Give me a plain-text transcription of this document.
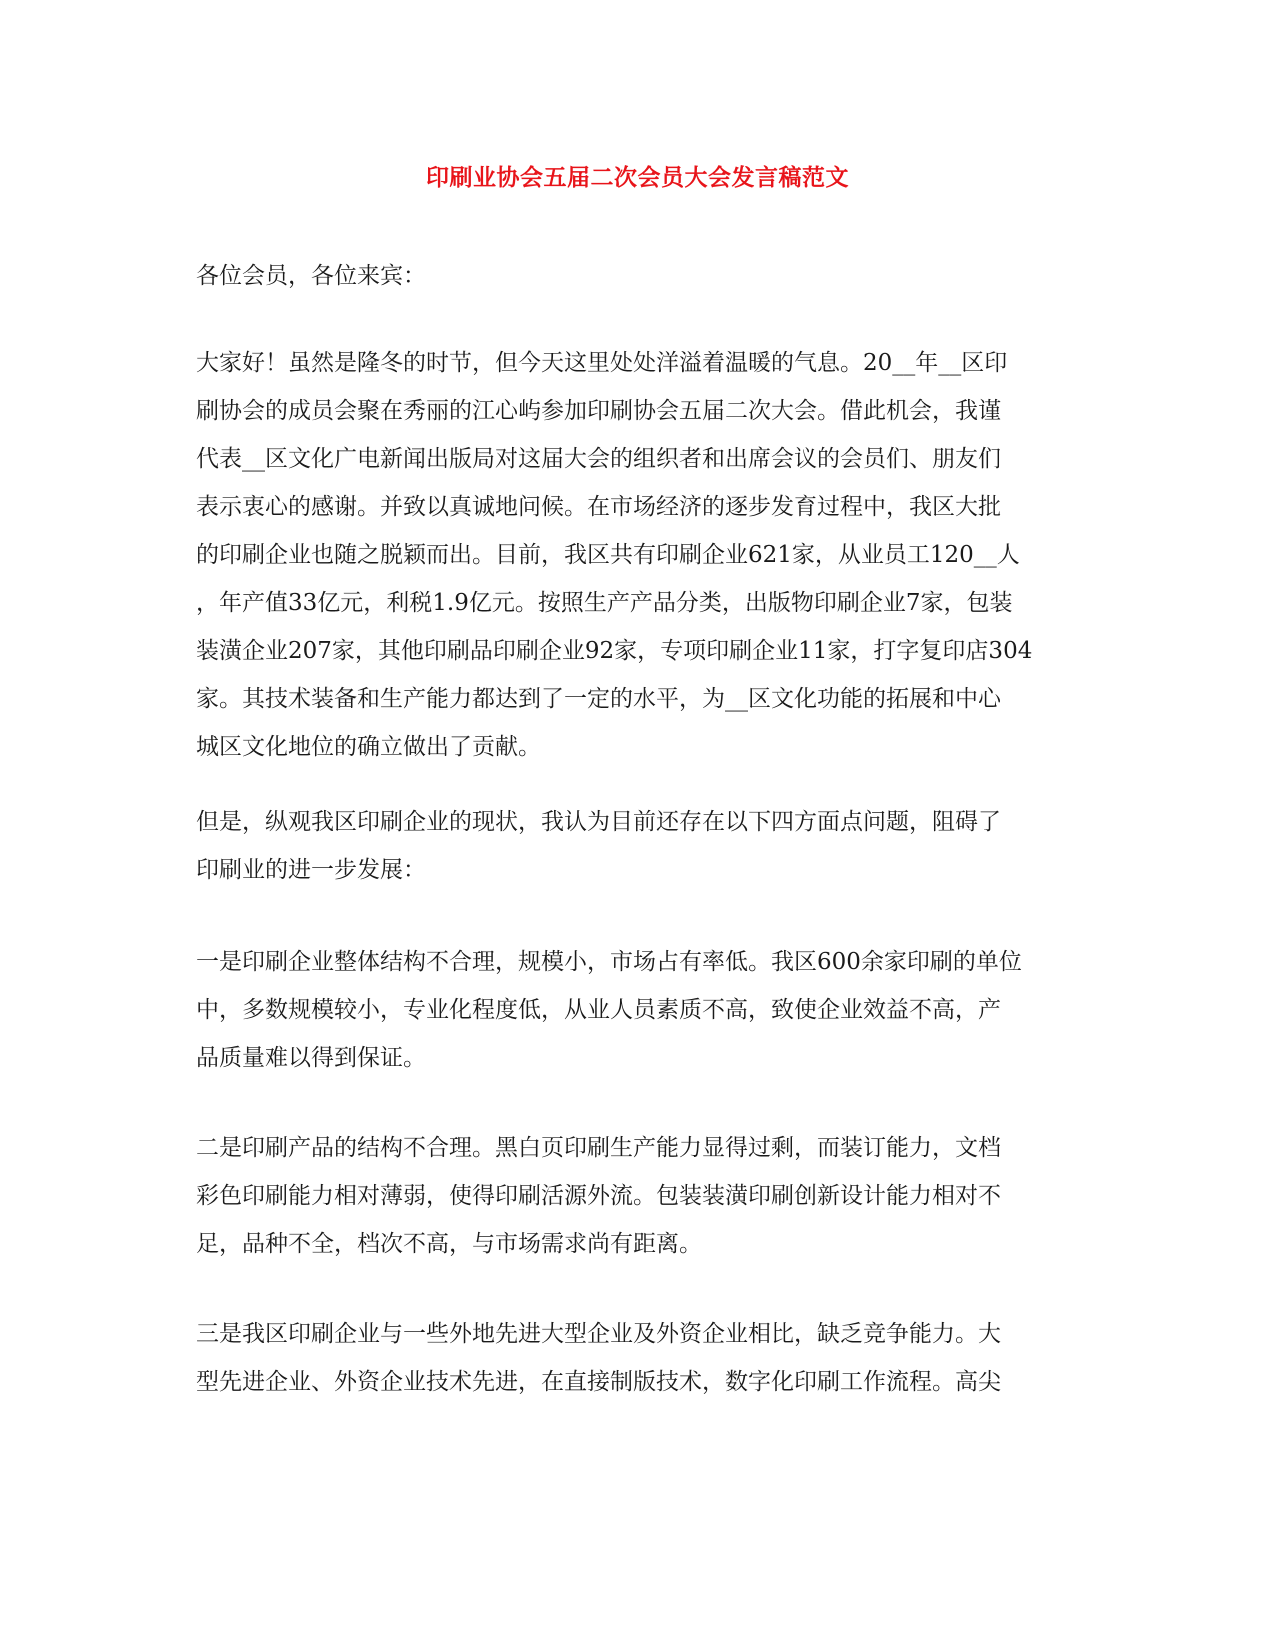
印刷业协会五届二次会员大会发言稿范文
各位会员，各位来宾：
大家好！虽然是隆冬的时节，但今天这里处处洋溢着温暖的气息。20__年__区印
刷协会的成员会聚在秀丽的江心屿参加印刷协会五届二次大会。借此机会，我谨
代表__区文化广电新闻出版局对这届大会的组织者和出席会议的会员们、朋友们
表示衷心的感谢。并致以真诚地问候。在市场经济的逐步发育过程中，我区大批
的印刷企业也随之脱颖而出。目前，我区共有印刷企业621家，从业员工120__人
，年产值33亿元，利税1.9亿元。按照生产产品分类，出版物印刷企业7家，包装
装潢企业207家，其他印刷品印刷企业92家，专项印刷企业11家，打字复印店304
家。其技术装备和生产能力都达到了一定的水平，为__区文化功能的拓展和中心
城区文化地位的确立做出了贡献。
但是，纵观我区印刷企业的现状，我认为目前还存在以下四方面点问题，阻碍了
印刷业的进一步发展：
一是印刷企业整体结构不合理，规模小，市场占有率低。我区600余家印刷的单位
中，多数规模较小，专业化程度低，从业人员素质不高，致使企业效益不高，产
品质量难以得到保证。
二是印刷产品的结构不合理。黑白页印刷生产能力显得过剩，而装订能力，文档
彩色印刷能力相对薄弱，使得印刷活源外流。包装装潢印刷创新设计能力相对不
足，品种不全，档次不高，与市场需求尚有距离。
三是我区印刷企业与一些外地先进大型企业及外资企业相比，缺乏竞争能力。大
型先进企业、外资企业技术先进，在直接制版技术，数字化印刷工作流程。高尖
